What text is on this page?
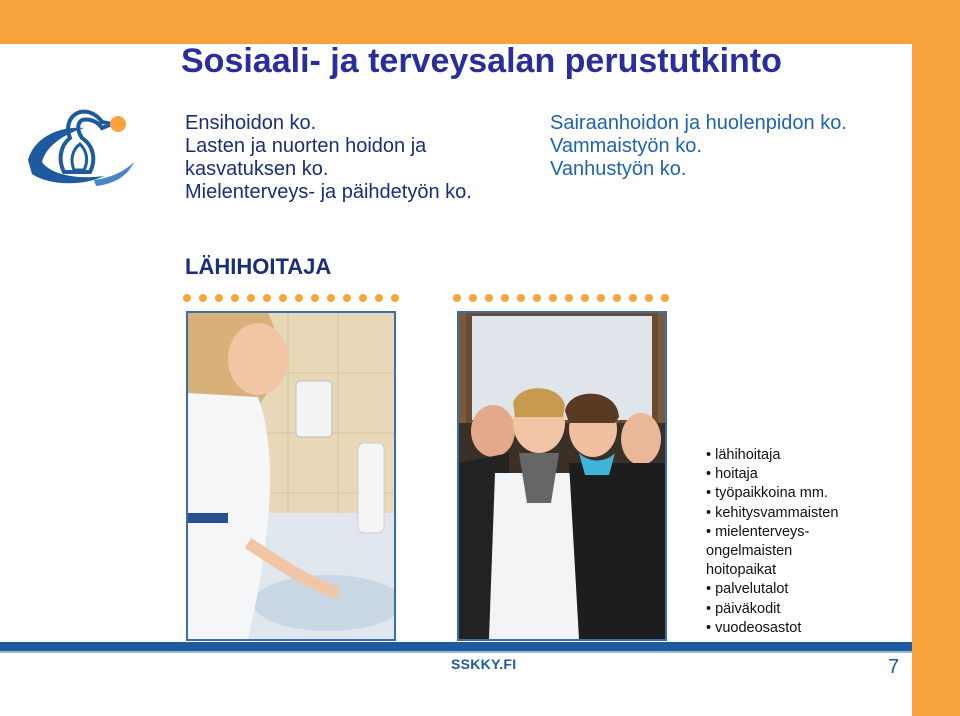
Sosiaali- ja terveysalan perustutkinto
Ensihoidon ko.
Lasten ja nuorten hoidon ja
kasvatuksen ko.
Mielenterveys- ja päihdetyön ko.
Sairaanhoidon ja huolenpidon ko.
Vammaistyön ko.
Vanhustyön ko.
LÄHIHOITAJA
• lähihoitaja
• hoitaja
• työpaikkoina mm.
• kehitysvammaisten
• mielenterveys-
ongelmaisten
hoitopaikat
• palvelutalot
• päiväkodit
• vuodeosastot
SSKKY.FI	7
